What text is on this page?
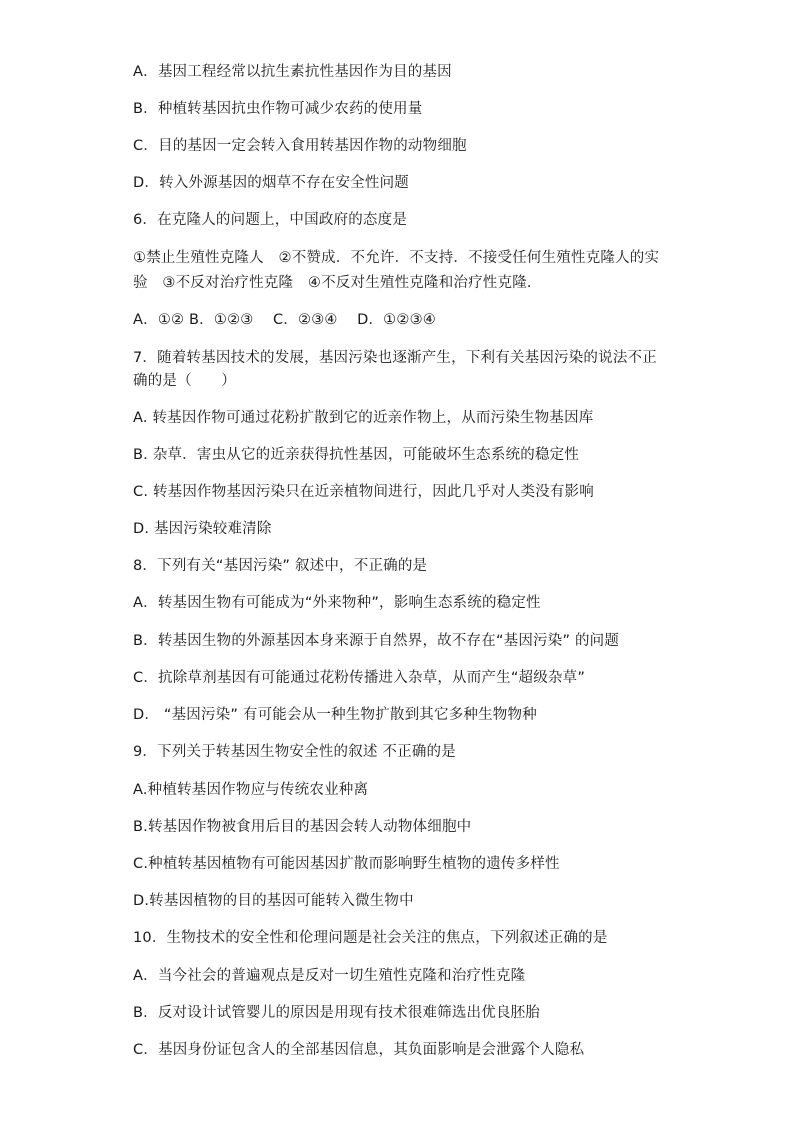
A．基因工程经常以抗生素抗性基因作为目的基因
B．种植转基因抗虫作物可减少农药的使用量
C．目的基因一定会转入食用转基因作物的动物细胞
D．转入外源基因的烟草不存在安全性问题
6．在克隆人的问题上，中国政府的态度是
①禁止生殖性克隆人　②不赞成．不允许．不支持．不接受任何生殖性克隆人的实
验　③不反对治疗性克隆　④不反对生殖性克隆和治疗性克隆．
A．①② B．①②③　 C．②③④　 D．①②③④
7．随着转基因技术的发展，基因污染也逐渐产生，下利有关基因污染的说法不正
确的是（　　）
A. 转基因作物可通过花粉扩散到它的近亲作物上，从而污染生物基因库
B. 杂草．害虫从它的近亲获得抗性基因，可能破坏生态系统的稳定性
C. 转基因作物基因污染只在近亲植物间进行，因此几乎对人类没有影响
D. 基因污染较难清除
8．下列有关“基因污染” 叙述中，不正确的是
A．转基因生物有可能成为“外来物种”，影响生态系统的稳定性
B．转基因生物的外源基因本身来源于自然界，故不存在“基因污染” 的问题
C．抗除草剂基因有可能通过花粉传播进入杂草，从而产生“超级杂草”
D． “基因污染” 有可能会从一种生物扩散到其它多种生物物种
9．下列关于转基因生物安全性的叙述 不正确的是
A.种植转基因作物应与传统农业种离
B.转基因作物被食用后目的基因会转人动物体细胞中
C.种植转基因植物有可能因基因扩散而影响野生植物的遗传多样性
D.转基因植物的目的基因可能转入微生物中
10．生物技术的安全性和伦理问题是社会关注的焦点，下列叙述正确的是
A．当今社会的普遍观点是反对一切生殖性克隆和治疗性克隆
B．反对设计试管婴儿的原因是用现有技术很难筛选出优良胚胎
C．基因身份证包含人的全部基因信息，其负面影响是会泄露个人隐私
